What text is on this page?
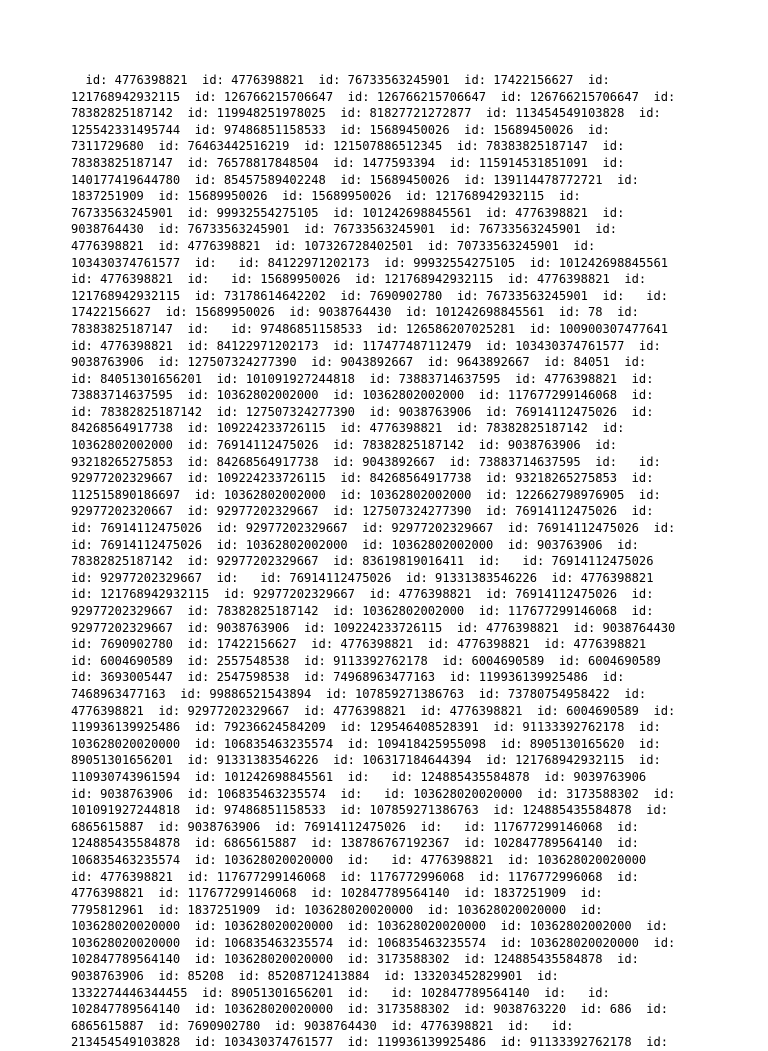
id: 4776398821  id: 4776398821  id: 76733563245901  id: 17422156627  id:
121768942932115  id: 126766215706647  id: 126766215706647  id: 126766215706647  id:
78382825187142  id: 119948251978025  id: 81827721272877  id: 113454549103828  id:
125542331495744  id: 97486851158533  id: 15689450026  id: 15689450026  id:
7311729680  id: 76463442516219  id: 121507886512345  id: 78383825187147  id:
78383825187147  id: 76578817848504  id: 1477593394  id: 115914531851091  id:
140177419644780  id: 85457589402248  id: 15689450026  id: 139114478772721  id:
1837251909  id: 15689950026  id: 15689950026  id: 121768942932115  id:
76733563245901  id: 99932554275105  id: 101242698845561  id: 4776398821  id:
9038764430  id: 76733563245901  id: 76733563245901  id: 76733563245901  id:
4776398821  id: 4776398821  id: 107326728402501  id: 70733563245901  id:
103430374761577  id:   id: 84122971202173  id: 99932554275105  id: 101242698845561
id: 4776398821  id:   id: 15689950026  id: 121768942932115  id: 4776398821  id:
121768942932115  id: 73178614642202  id: 7690902780  id: 76733563245901  id:   id:
17422156627  id: 15689950026  id: 9038764430  id: 101242698845561  id: 78  id:
78383825187147  id:   id: 97486851158533  id: 126586207025281  id: 100900307477641
id: 4776398821  id: 84122971202173  id: 117477487112479  id: 103430374761577  id:
9038763906  id: 127507324277390  id: 9043892667  id: 9643892667  id: 84051  id:
id: 84051301656201  id: 101091927244818  id: 73883714637595  id: 4776398821  id:
73883714637595  id: 10362802002000  id: 10362802002000  id: 117677299146068  id:
id: 78382825187142  id: 127507324277390  id: 9038763906  id: 76914112475026  id:
84268564917738  id: 109224233726115  id: 4776398821  id: 78382825187142  id:
10362802002000  id: 76914112475026  id: 78382825187142  id: 9038763906  id:
93218265275853  id: 84268564917738  id: 9043892667  id: 73883714637595  id:   id:
92977202329667  id: 109224233726115  id: 84268564917738  id: 93218265275853  id:
112515890186697  id: 10362802002000  id: 10362802002000  id: 122662798976905  id:
92977202320667  id: 92977202329667  id: 127507324277390  id: 76914112475026  id:
id: 76914112475026  id: 92977202329667  id: 92977202329667  id: 76914112475026  id:
id: 76914112475026  id: 10362802002000  id: 10362802002000  id: 903763906  id:
78382825187142  id: 92977202329667  id: 83619819016411  id:   id: 76914112475026
id: 92977202329667  id:   id: 76914112475026  id: 91331383546226  id: 4776398821
id: 121768942932115  id: 92977202329667  id: 4776398821  id: 76914112475026  id:
92977202329667  id: 78382825187142  id: 10362802002000  id: 117677299146068  id:
92977202329667  id: 9038763906  id: 109224233726115  id: 4776398821  id: 9038764430
id: 7690902780  id: 17422156627  id: 4776398821  id: 4776398821  id: 4776398821
id: 6004690589  id: 2557548538  id: 9113392762178  id: 6004690589  id: 6004690589
id: 3693005447  id: 2547598538  id: 74968963477163  id: 119936139925486  id:
7468963477163  id: 99886521543894  id: 107859271386763  id: 73780754958422  id:
4776398821  id: 92977202329667  id: 4776398821  id: 4776398821  id: 6004690589  id:
119936139925486  id: 79236624584209  id: 129546408528391  id: 91133392762178  id:
103628020020000  id: 106835463235574  id: 109418425955098  id: 8905130165620  id:
89051301656201  id: 91331383546226  id: 106317184644394  id: 121768942932115  id:
110930743961594  id: 101242698845561  id:   id: 124885435584878  id: 9039763906
id: 9038763906  id: 106835463235574  id:   id: 103628020020000  id: 3173588302  id:
101091927244818  id: 97486851158533  id: 107859271386763  id: 124885435584878  id:
6865615887  id: 9038763906  id: 76914112475026  id:   id: 117677299146068  id:
124885435584878  id: 6865615887  id: 138786767192367  id: 102847789564140  id:
106835463235574  id: 103628020020000  id:   id: 4776398821  id: 103628020020000
id: 4776398821  id: 117677299146068  id: 1176772996068  id: 1176772996068  id:
4776398821  id: 117677299146068  id: 102847789564140  id: 1837251909  id:
7795812961  id: 1837251909  id: 103628020020000  id: 103628020020000  id:
103628020020000  id: 103628020020000  id: 103628020020000  id: 10362802002000  id:
103628020020000  id: 106835463235574  id: 106835463235574  id: 103628020020000  id:
102847789564140  id: 103628020020000  id: 3173588302  id: 124885435584878  id:
9038763906  id: 85208  id: 85208712413884  id: 133203452829901  id:
1332274446344455  id: 89051301656201  id:   id: 102847789564140  id:   id:
102847789564140  id: 103628020020000  id: 3173588302  id: 9038763220  id: 686  id:
6865615887  id: 7690902780  id: 9038764430  id: 4776398821  id:   id:
213454549103828  id: 103430374761577  id: 119936139925486  id: 91133392762178  id:
